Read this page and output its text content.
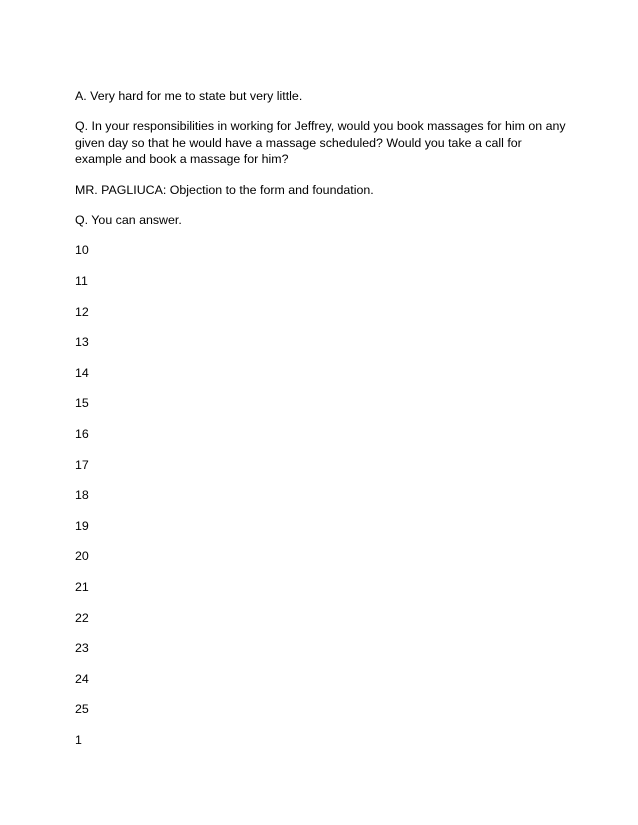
A. Very hard for me to state but very little.

Q. In your responsibilities in working for Jeffrey, would you book massages for him on any given day so that he would have a massage scheduled? Would you take a call for example and book a massage for him?

MR. PAGLIUCA: Objection to the form and foundation.

Q. You can answer.

10
11
12
13
14
15
16
17
18
19
20
21
22
23
24
25
1
